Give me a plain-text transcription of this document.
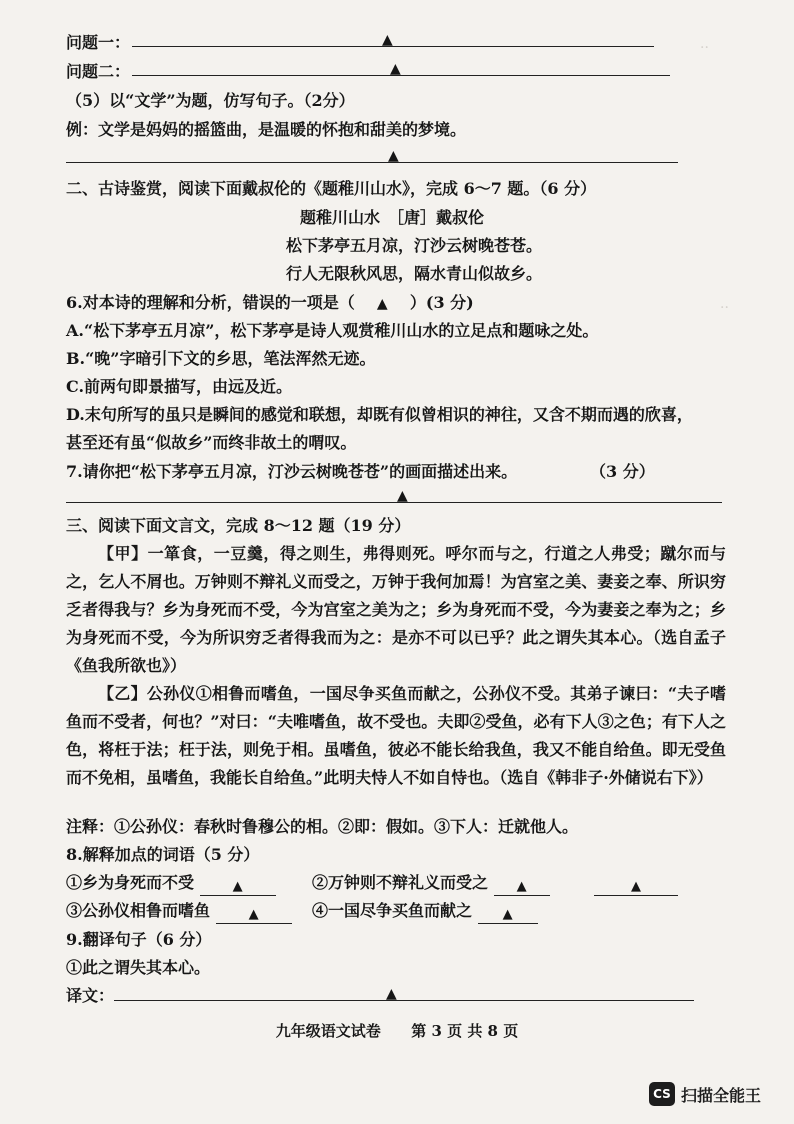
··
··
问题一：	▲
问题二：	▲
（5）以“文学”为题，仿写句子。（2分）
例：文学是妈妈的摇篮曲，是温暖的怀抱和甜美的梦境。
▲
二、古诗鉴赏，阅读下面戴叔伦的《题稚川山水》，完成 6～7 题。（6 分）
题稚川山水　［唐］戴叔伦
松下茅亭五月凉，汀沙云树晚苍苍。
行人无限秋风思，隔水青山似故乡。
6.对本诗的理解和分析，错误的一项是（ ▲ ）(3 分)
A.“松下茅亭五月凉”，松下茅亭是诗人观赏稚川山水的立足点和题咏之处。
B.“晚”字暗引下文的乡思，笔法浑然无迹。
C.前两句即景描写，由远及近。
D.末句所写的虽只是瞬间的感觉和联想，却既有似曾相识的神往，又含不期而遇的欣喜，
甚至还有虽“似故乡”而终非故土的喟叹。
7.请你把“松下茅亭五月凉，汀沙云树晚苍苍”的画面描述出来。	（3 分）
▲
三、阅读下面文言文，完成 8～12 题（19 分）
【甲】一箪食，一豆羹，得之则生，弗得则死。呼尔而与之，行道之人弗受；蹴尔而与之，乞人不屑也。万钟则不辩礼义而受之，万钟于我何加焉！为宫室之美、妻妾之奉、所识穷乏者得我与？乡为身死而不受，今为宫室之美为之；乡为身死而不受，今为妻妾之奉为之；乡为身死而不受，今为所识穷乏者得我而为之：是亦不可以已乎？此之谓失其本心。（选自孟子《鱼我所欲也》）
【乙】公孙仪①相鲁而嗜鱼，一国尽争买鱼而献之，公孙仪不受。其弟子谏曰：“夫子嗜鱼而不受者，何也？”对曰：“夫唯嗜鱼，故不受也。夫即②受鱼，必有下人③之色；有下人之色，将枉于法；枉于法，则免于相。虽嗜鱼，彼必不能长给我鱼，我又不能自给鱼。即无受鱼而不免相，虽嗜鱼，我能长自给鱼。”此明夫恃人不如自恃也。（选自《韩非子·外储说右下》）
注释：①公孙仪：春秋时鲁穆公的相。②即：假如。③下人：迁就他人。
8.解释加点的词语（5 分）
①乡为身死而不受	▲	②万钟则不辩礼义而受之 ▲	▲
③公孙仪相鲁而嗜鱼	▲	④一国尽争买鱼而献之 ▲
9.翻译句子（6 分）
①此之谓失其本心。
译文：	▲
九年级语文试卷 第 3 页 共 8 页
CS 扫描全能王
